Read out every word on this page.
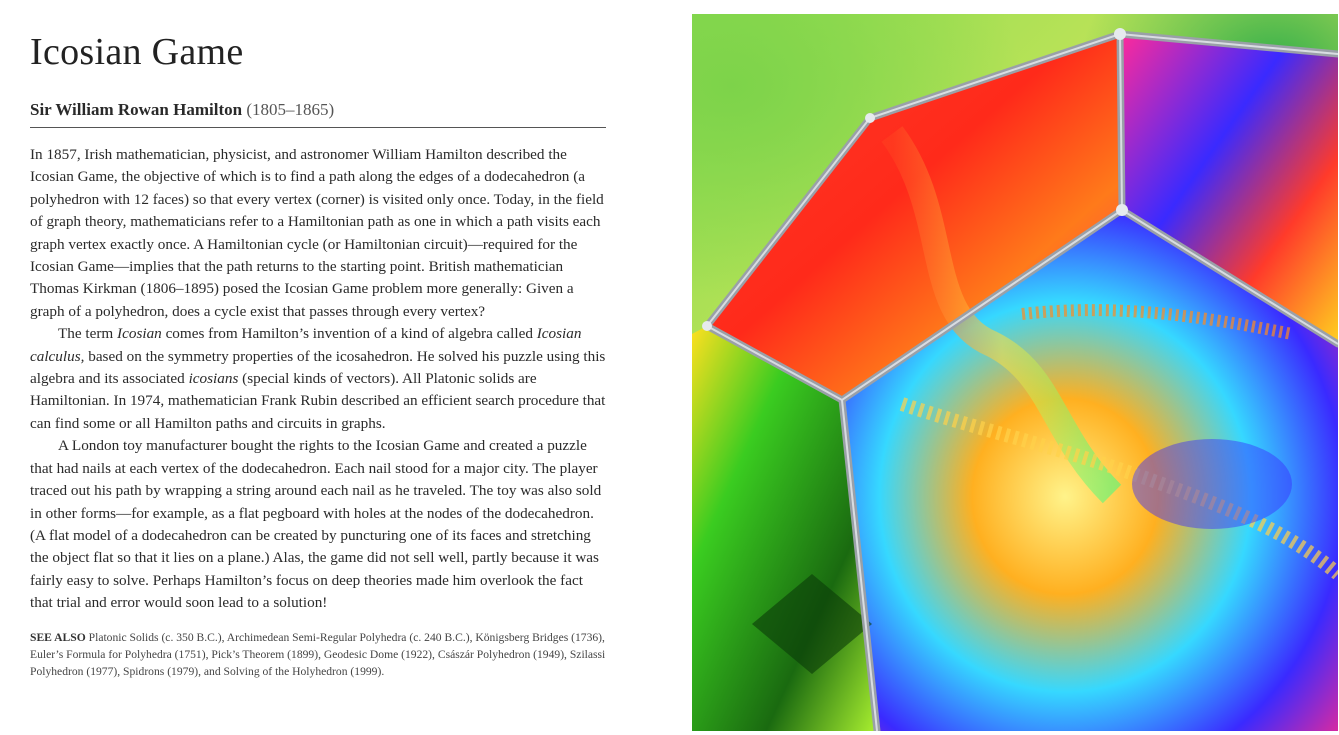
Icosian Game
Sir William Rowan Hamilton (1805–1865)

In 1857, Irish mathematician, physicist, and astronomer William Hamilton described the Icosian Game, the objective of which is to find a path along the edges of a dodecahedron (a polyhedron with 12 faces) so that every vertex (corner) is visited only once. Today, in the field of graph theory, mathematicians refer to a Hamiltonian path as one in which a path visits each graph vertex exactly once. A Hamiltonian cycle (or Hamiltonian circuit)—required for the Icosian Game—implies that the path returns to the starting point. British mathematician Thomas Kirkman (1806–1895) posed the Icosian Game problem more generally: Given a graph of a polyhedron, does a cycle exist that passes through every vertex?

The term Icosian comes from Hamilton’s invention of a kind of algebra called Icosian calculus, based on the symmetry properties of the icosahedron. He solved his puzzle using this algebra and its associated icosians (special kinds of vectors). All Platonic solids are Hamiltonian. In 1974, mathematician Frank Rubin described an efficient search procedure that can find some or all Hamilton paths and circuits in graphs.

A London toy manufacturer bought the rights to the Icosian Game and created a puzzle that had nails at each vertex of the dodecahedron. Each nail stood for a major city. The player traced out his path by wrapping a string around each nail as he traveled. The toy was also sold in other forms—for example, as a flat pegboard with holes at the nodes of the dodecahedron. (A flat model of a dodecahedron can be created by puncturing one of its faces and stretching the object flat so that it lies on a plane.) Alas, the game did not sell well, partly because it was fairly easy to solve. Perhaps Hamilton’s focus on deep theories made him overlook the fact that trial and error would soon lead to a solution!

SEE ALSO Platonic Solids (c. 350 B.C.), Archimedean Semi-Regular Polyhedra (c. 240 B.C.), Königsberg Bridges (1736), Euler’s Formula for Polyhedra (1751), Pick’s Theorem (1899), Geodesic Dome (1922), Császár Polyhedron (1949), Szilassi Polyhedron (1977), Spidrons (1979), and Solving of the Holyhedron (1999).
